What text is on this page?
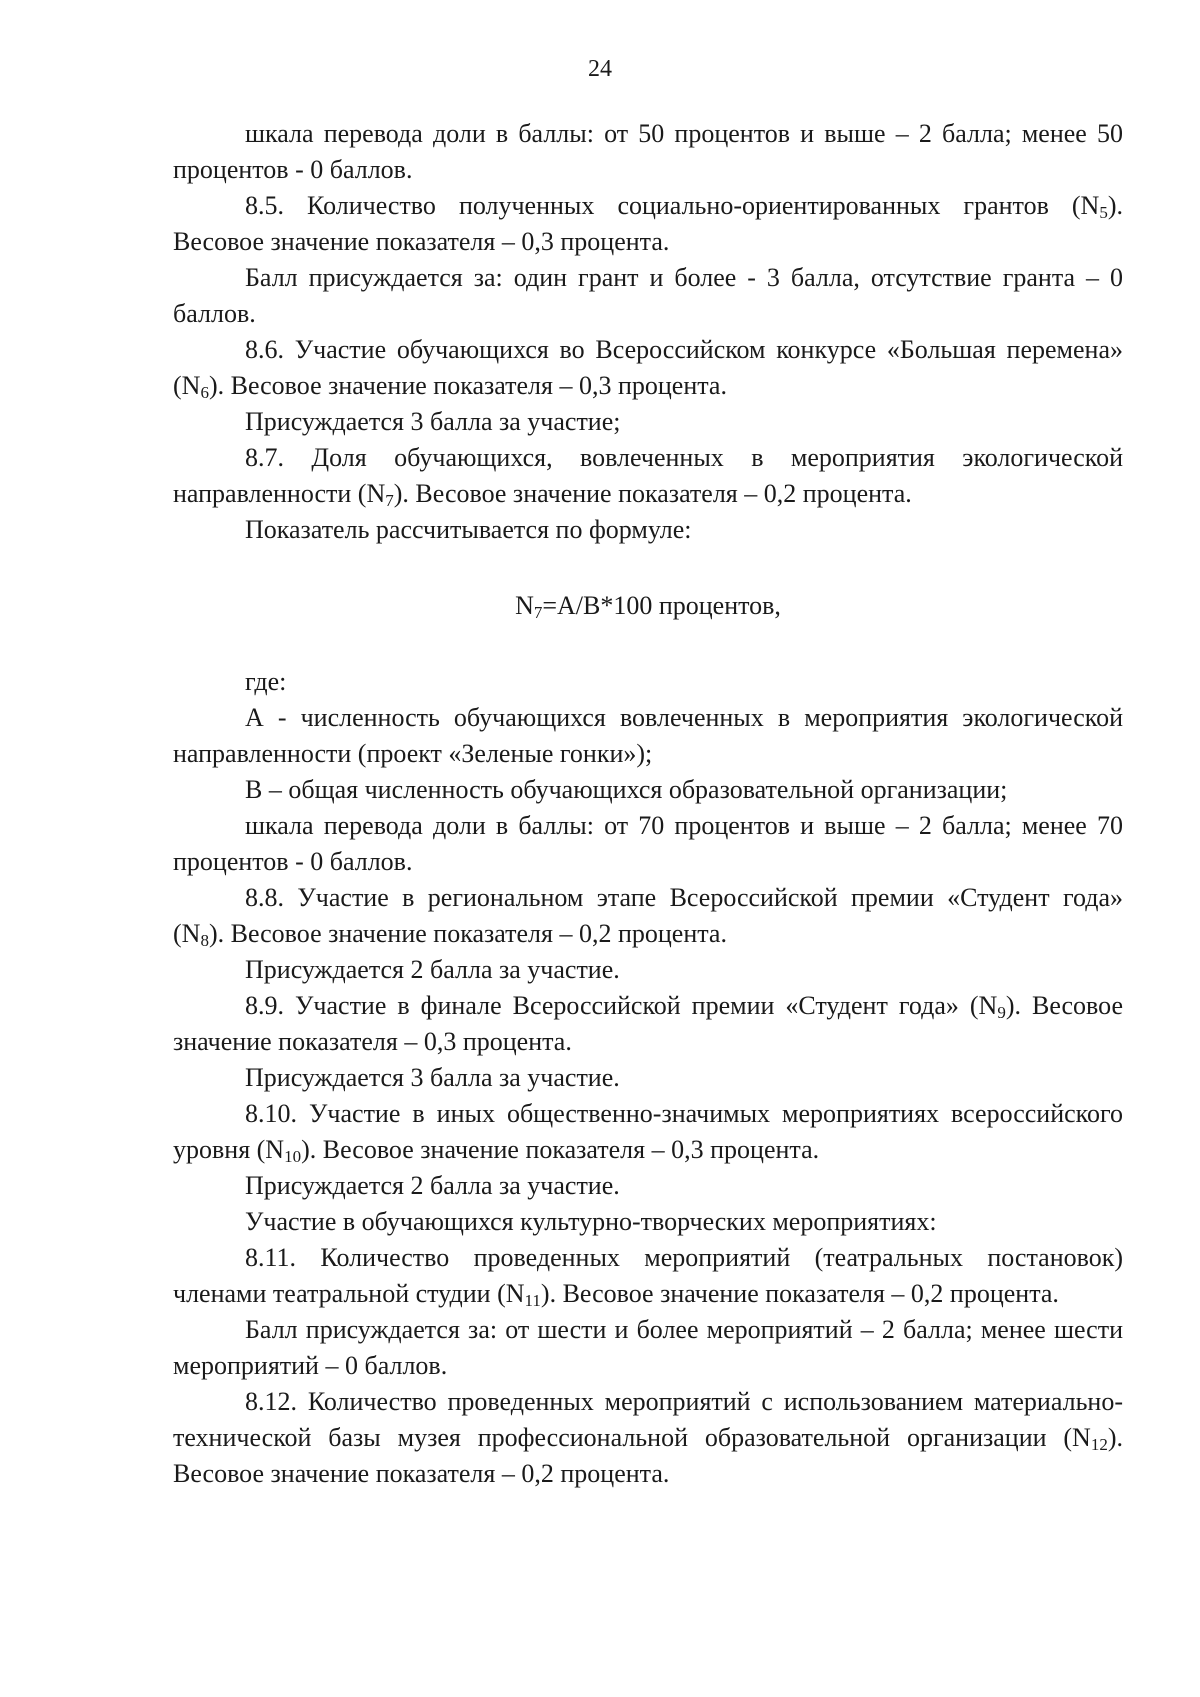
24

шкала перевода доли в баллы: от 50 процентов и выше – 2 балла; менее 50 процентов - 0 баллов.

8.5. Количество полученных социально-ориентированных грантов $(N_5)$. Весовое значение показателя – 0,3 процента.

Балл присуждается за: один грант и более - 3 балла, отсутствие гранта – 0 баллов.

8.6. Участие обучающихся во Всероссийском конкурсе «Большая перемена» $(N_6)$. Весовое значение показателя – 0,3 процента.

Присуждается 3 балла за участие;

8.7. Доля обучающихся, вовлеченных в мероприятия экологической направленности $(N_7)$. Весовое значение показателя – 0,2 процента.

Показатель рассчитывается по формуле:

$N_7=A/B*100$ процентов,

где:

А - численность обучающихся вовлеченных в мероприятия экологической направленности (проект «Зеленые гонки»);

В – общая численность обучающихся образовательной организации;

шкала перевода доли в баллы: от 70 процентов и выше – 2 балла; менее 70 процентов - 0 баллов.

8.8. Участие в региональном этапе Всероссийской премии «Студент года» $(N_8)$. Весовое значение показателя – 0,2 процента.

Присуждается 2 балла за участие.

8.9. Участие в финале Всероссийской премии «Студент года» $(N_9)$. Весовое значение показателя – 0,3 процента.

Присуждается 3 балла за участие.

8.10. Участие в иных общественно-значимых мероприятиях всероссийского уровня $(N_{10})$. Весовое значение показателя – 0,3 процента.

Присуждается 2 балла за участие.

Участие в обучающихся культурно-творческих мероприятиях:

8.11. Количество проведенных мероприятий (театральных постановок) членами театральной студии $(N_{11})$. Весовое значение показателя – 0,2 процента.

Балл присуждается за: от шести и более мероприятий – 2 балла; менее шести мероприятий – 0 баллов.

8.12. Количество проведенных мероприятий с использованием материально-технической базы музея профессиональной образовательной организации $(N_{12})$. Весовое значение показателя – 0,2 процента.
